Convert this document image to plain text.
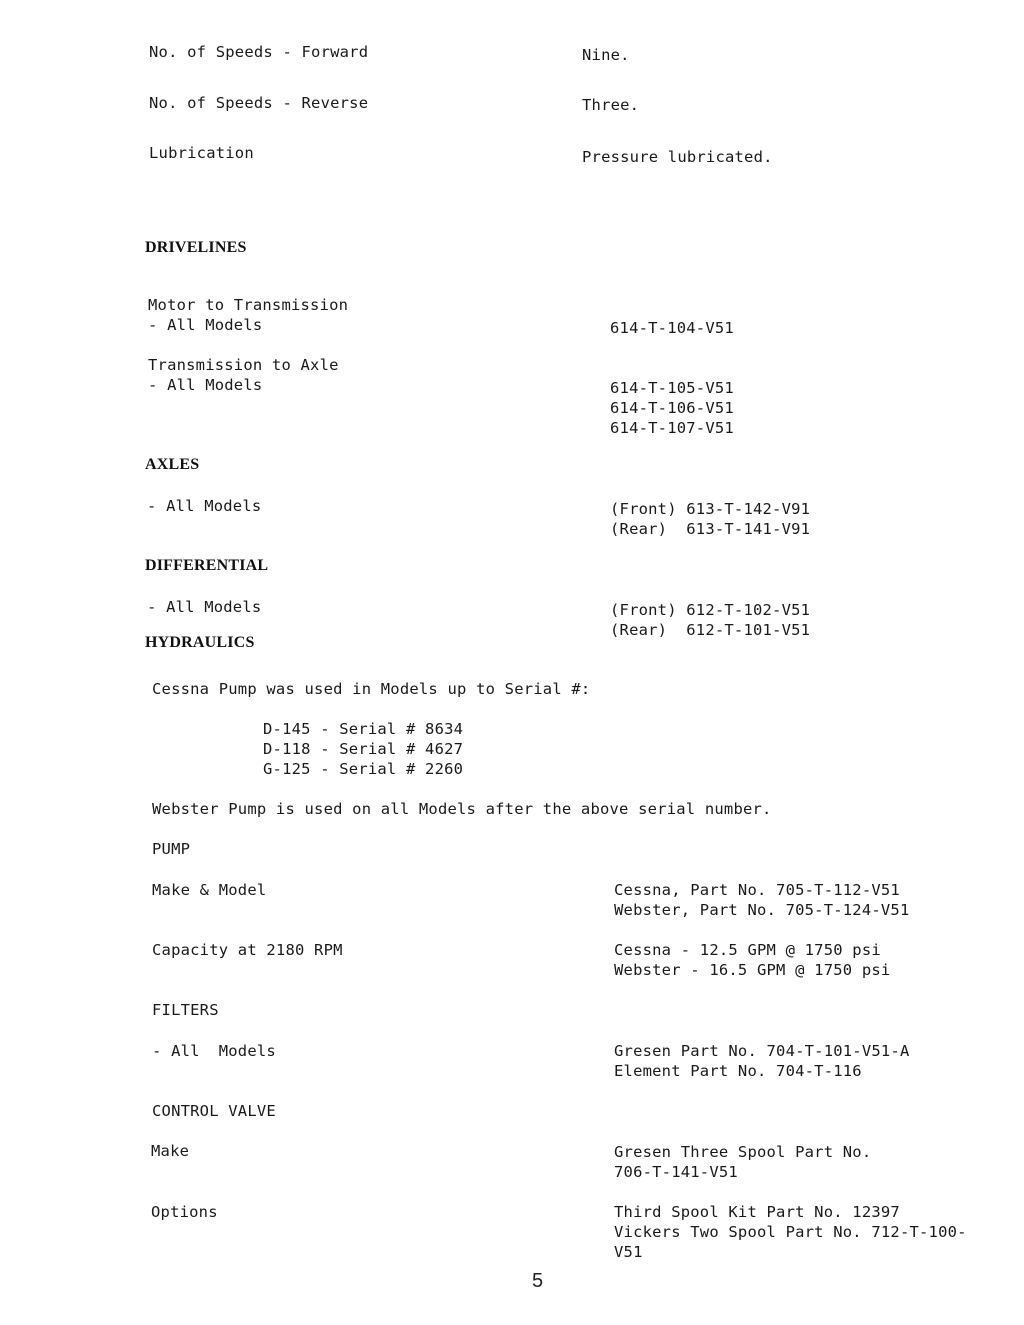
No. of Speeds - Forward	Nine.
No. of Speeds - Reverse	Three.
Lubrication	Pressure lubricated.
DRIVELINES
Motor to Transmission
- All Models	614-T-104-V51
Transmission to Axle
- All Models	614-T-105-V51
614-T-106-V51
614-T-107-V51
AXLES
- All Models	(Front) 613-T-142-V91
(Rear)  613-T-141-V91
DIFFERENTIAL
- All Models	(Front) 612-T-102-V51
(Rear)  612-T-101-V51
HYDRAULICS
Cessna Pump was used in Models up to Serial #:
D-145 - Serial # 8634
D-118 - Serial # 4627
G-125 - Serial # 2260
Webster Pump is used on all Models after the above serial number.
PUMP
Make & Model	Cessna, Part No. 705-T-112-V51
Webster, Part No. 705-T-124-V51
Capacity at 2180 RPM	Cessna - 12.5 GPM @ 1750 psi
Webster - 16.5 GPM @ 1750 psi
FILTERS
- All  Models	Gresen Part No. 704-T-101-V51-A
Element Part No. 704-T-116
CONTROL VALVE
Make	Gresen Three Spool Part No.
706-T-141-V51
Options	Third Spool Kit Part No. 12397
Vickers Two Spool Part No. 712-T-100-
V51
5
